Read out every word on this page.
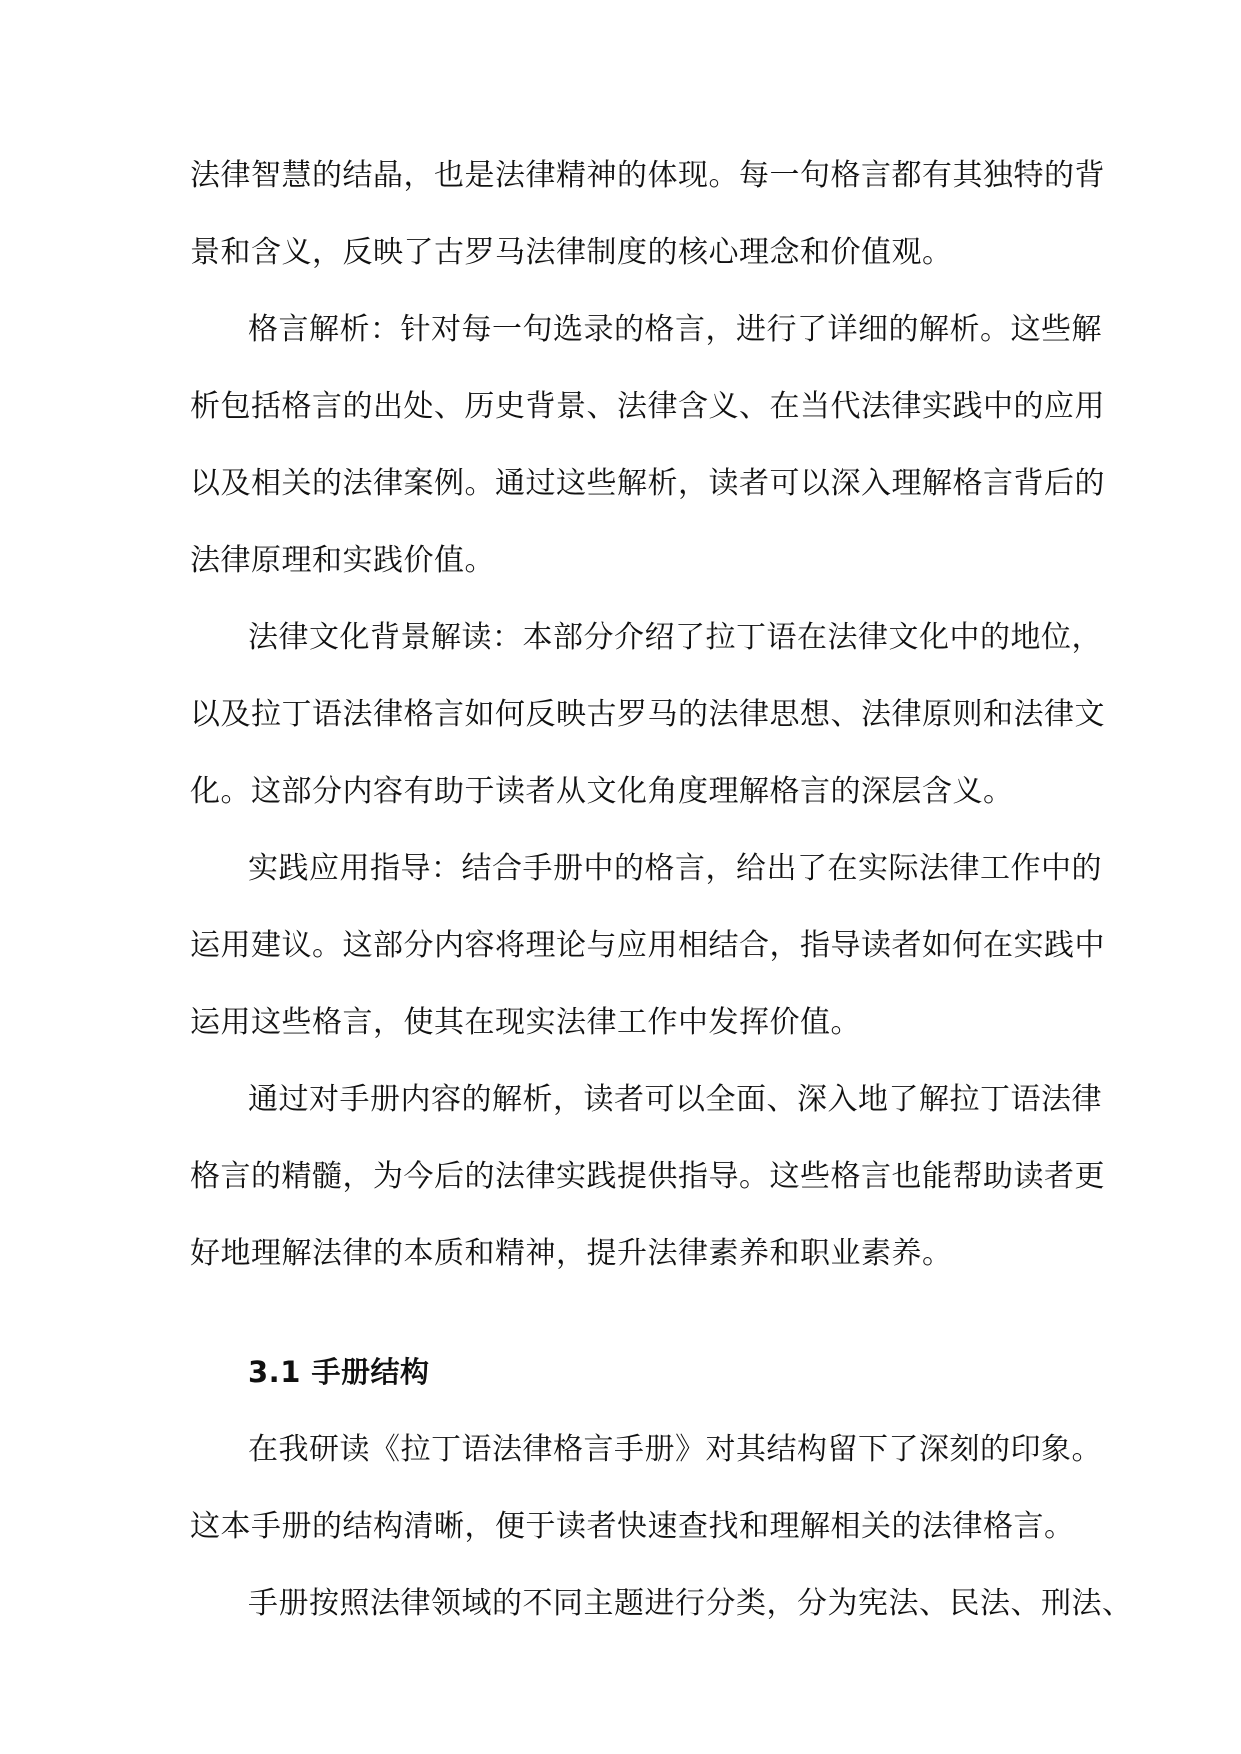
法律智慧的结晶，也是法律精神的体现。每一句格言都有其独特的背
景和含义，反映了古罗马法律制度的核心理念和价值观。
格言解析：针对每一句选录的格言，进行了详细的解析。这些解
析包括格言的出处、历史背景、法律含义、在当代法律实践中的应用
以及相关的法律案例。通过这些解析，读者可以深入理解格言背后的
法律原理和实践价值。
法律文化背景解读：本部分介绍了拉丁语在法律文化中的地位，
以及拉丁语法律格言如何反映古罗马的法律思想、法律原则和法律文
化。这部分内容有助于读者从文化角度理解格言的深层含义。
实践应用指导：结合手册中的格言，给出了在实际法律工作中的
运用建议。这部分内容将理论与应用相结合，指导读者如何在实践中
运用这些格言，使其在现实法律工作中发挥价值。
通过对手册内容的解析，读者可以全面、深入地了解拉丁语法律
格言的精髓，为今后的法律实践提供指导。这些格言也能帮助读者更
好地理解法律的本质和精神，提升法律素养和职业素养。
3.1 手册结构
在我研读《拉丁语法律格言手册》对其结构留下了深刻的印象。
这本手册的结构清晰，便于读者快速查找和理解相关的法律格言。
手册按照法律领域的不同主题进行分类，分为宪法、民法、刑法、
